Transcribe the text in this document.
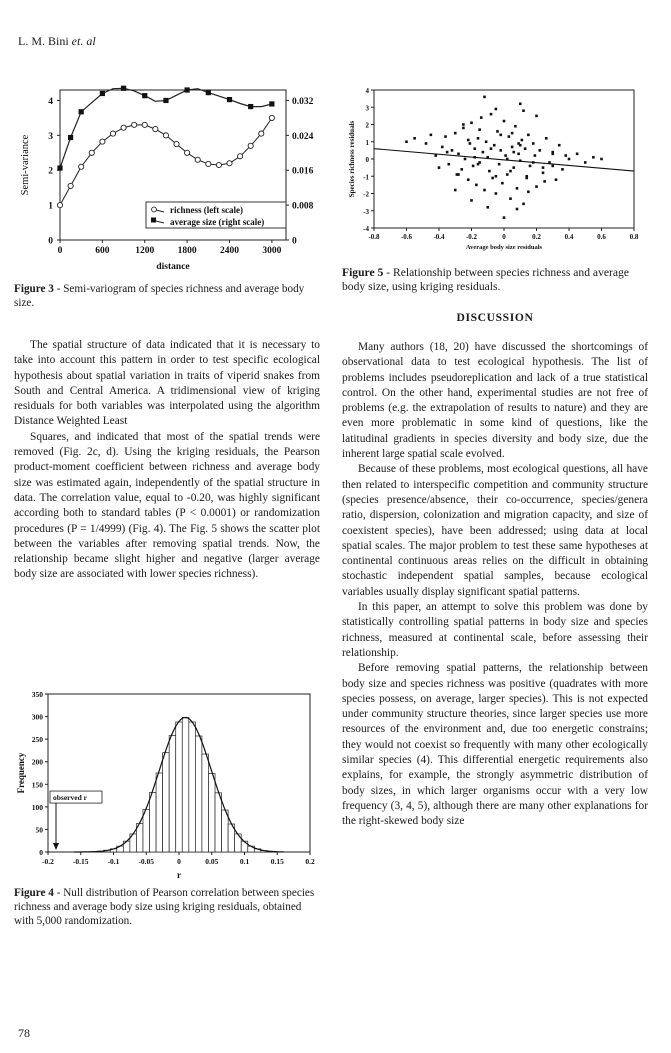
L. M. Bini et. al
0
1
2
3
4
0
0.008
0.016
0.024
0.032
0	600	1200 1800 2400 3000
distance
Semi-variance
richness (left scale)
average size (right scale)
Figure 3 - Semi-variogram of species richness and average body size.
-4
-3
-2
-1
0
1
2
3
4
-0.8	-0.6	-0.4	-0.2	0	0.2	0.4	0.6	0.8
Average body size residuals
Species richness residuals
Figure 5 - Relationship between species richness and average body size, using kriging residuals.

The spatial structure of data indicated that it is necessary to take into account this pattern in order to test specific ecological hypothesis about spatial variation in traits of viperid snakes from South and Central America. A tridimensional view of kriging residuals for both variables was interpolated using the algorithm Distance Weighted Least

Squares, and indicated that most of the spatial trends were removed (Fig. 2c, d). Using the kriging residuals, the Pearson product-moment coefficient between richness and average body size was estimated again, independently of the spatial structure in data. The correlation value, equal to -0.20, was highly significant according both to standard tables (P < 0.0001) or randomization procedures (P = 1/4999) (Fig. 4). The Fig. 5 shows the scatter plot between the variables after removing spatial trends. Now, the relationship became slight higher and negative (larger average body size are associated with lower species richness).

0
50
100
150
200
250
300
350
-0.2	-0.15	-0.1	-0.05	0	0.05	0.1	0.15	0.2
r
Frequency
observed r
Figure 4 - Null distribution of Pearson correlation between species richness and average body size using kriging residuals, obtained with 5,000 randomization.
DISCUSSION

Many authors (18, 20) have discussed the shortcomings of observational data to test ecological hypothesis. The list of problems includes pseudoreplication and lack of a true statistical control. On the other hand, experimental studies are not free of problems (e.g. the extrapolation of results to nature) and they are even more problematic in some kind of questions, like the latitudinal gradients in species diversity and body size, due the inherent large spatial scale evolved.

Because of these problems, most ecological questions, all have then related to interspecific competition and community structure (species presence/absence, their co-occurrence, species/genera ratio, dispersion, colonization and migration capacity, and size of coexistent species), have been addressed; using data at local spatial scales. The major problem to test these same hypotheses at continental continuous areas relies on the difficult in obtaining stochastic independent spatial samples, because ecological variables usually display significant spatial patterns.

In this paper, an attempt to solve this problem was done by statistically controlling spatial patterns in body size and species richness, measured at continental scale, before assessing their relationship.

Before removing spatial patterns, the relationship between body size and species richness was positive (quadrates with more species possess, on average, larger species). This is not expected under community structure theories, since larger species use more resources of the environment and, due too energetic constrains; they would not coexist so frequently with many other ecologically similar species (4). This differential energetic requirements also explains, for example, the strongly asymmetric distribution of body sizes, in which larger organisms occur with a very low frequency (3, 4, 5), although there are many other explanations for the right-skewed body size

78
